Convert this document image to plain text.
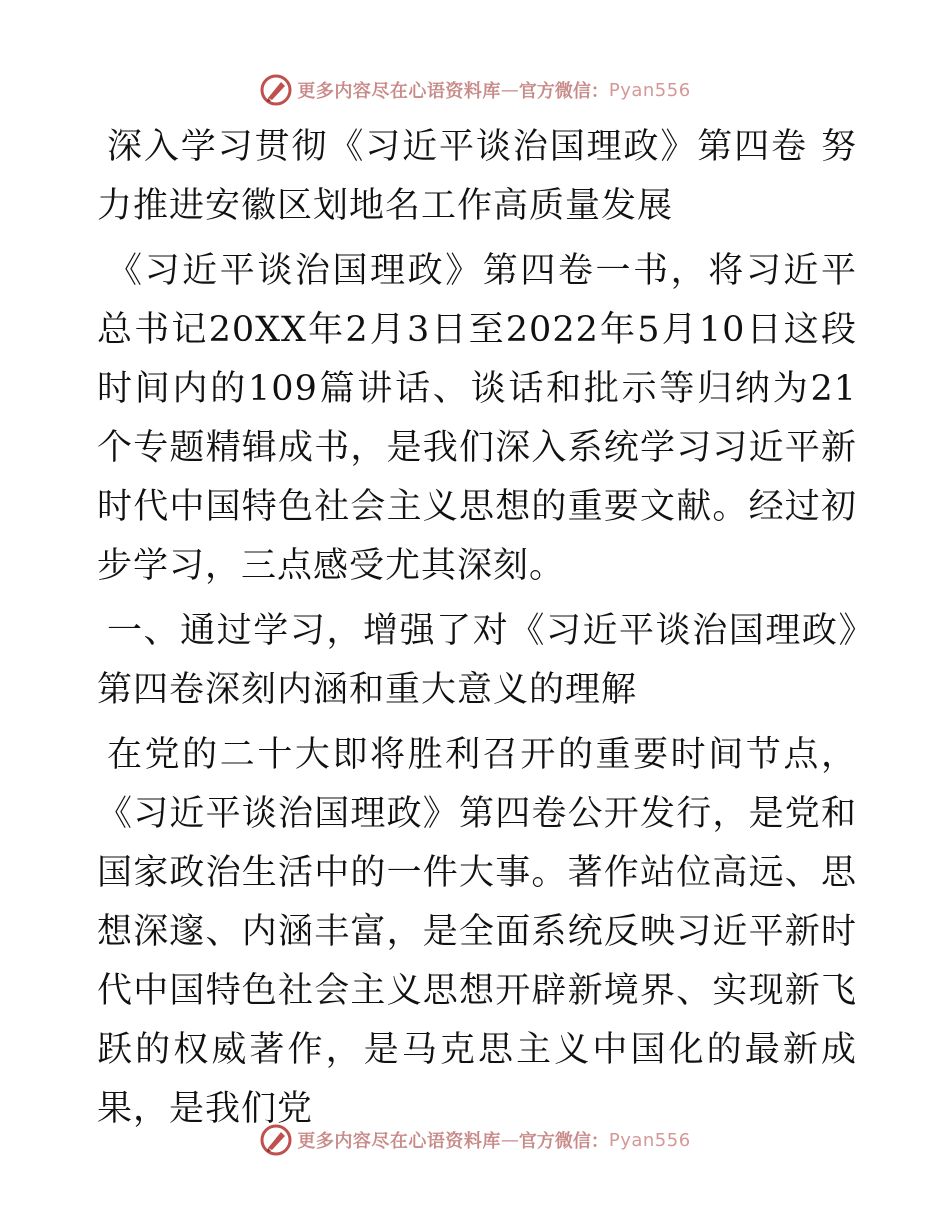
更多内容尽在心语资料库 — 官方微信： Pyan556

深入学习贯彻《习近平谈治国理政》第四卷 努力推进安徽区划地名工作高质量发展

《习近平谈治国理政》第四卷一书，将习近平总书记20XX年2月3日至2022年5月10日这段时间内的109篇讲话、谈话和批示等归纳为21个专题精辑成书，是我们深入系统学习习近平新时代中国特色社会主义思想的重要文献。经过初步学习，三点感受尤其深刻。

一、通过学习，增强了对《习近平谈治国理政》第四卷深刻内涵和重大意义的理解

在党的二十大即将胜利召开的重要时间节点，《习近平谈治国理政》第四卷公开发行，是党和国家政治生活中的一件大事。著作站位高远、思想深邃、内涵丰富，是全面系统反映习近平新时代中国特色社会主义思想开辟新境界、实现新飞跃的权威著作，是马克思主义中国化的最新成果，是我们党

更多内容尽在心语资料库 — 官方微信： Pyan556
